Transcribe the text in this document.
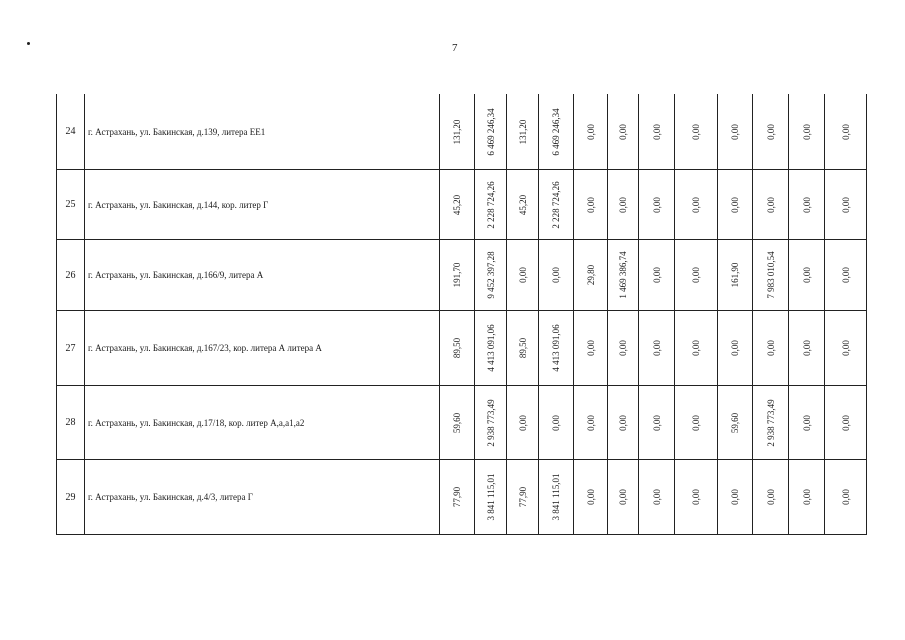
7
24	г. Астрахань, ул. Бакинская, д.139, литера ЕЕ1	131,20	6 469 246,34	131,20	6 469 246,34	0,00	0,00	0,00	0,00	0,00	0,00	0,00	0,00

25	г. Астрахань, ул. Бакинская, д.144, кор. литер Г	45,20	2 228 724,26	45,20	2 228 724,26	0,00	0,00	0,00	0,00	0,00	0,00	0,00	0,00

26	г. Астрахань, ул. Бакинская, д.166/9, литера А	191,70	9 452 397,28	0,00	0,00	29,80	1 469 386,74	0,00	0,00	161,90	7 983 010,54	0,00	0,00

27	г. Астрахань, ул. Бакинская, д.167/23, кор. литера А литера А	89,50	4 413 091,06	89,50	4 413 091,06	0,00	0,00	0,00	0,00	0,00	0,00	0,00	0,00

28	г. Астрахань, ул. Бакинская, д.17/18, кор. литер А,а,а1,а2	59,60	2 938 773,49	0,00	0,00	0,00	0,00	0,00	0,00	59,60	2 938 773,49	0,00	0,00

29	г. Астрахань, ул. Бакинская, д.4/3, литера Г	77,90	3 841 115,01	77,90	3 841 115,01	0,00	0,00	0,00	0,00	0,00	0,00	0,00	0,00
